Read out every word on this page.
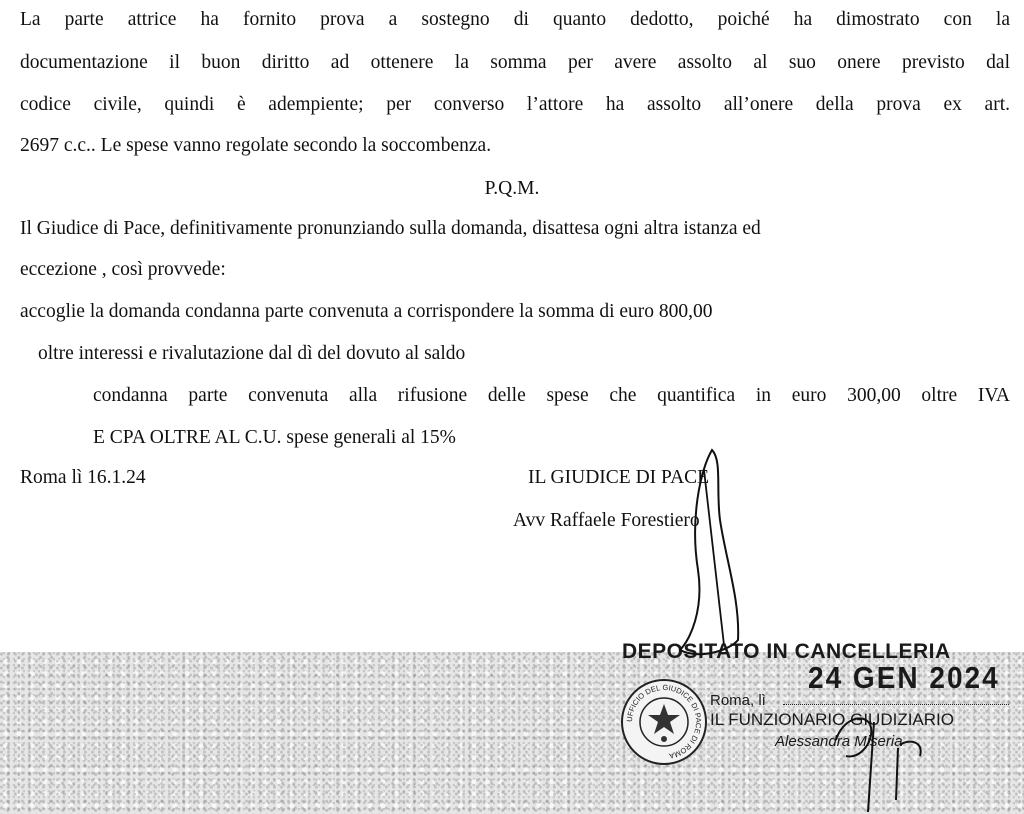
La parte attrice ha fornito prova a sostegno di quanto dedotto, poiché ha dimostrato con la

documentazione il buon diritto ad ottenere la somma per avere assolto al suo onere previsto dal

codice civile, quindi è adempiente; per converso l’attore ha assolto all’onere della prova ex art.

2697 c.c.. Le spese vanno regolate secondo la soccombenza.

P.Q.M.

Il Giudice di Pace, definitivamente pronunziando sulla domanda, disattesa ogni altra istanza ed

eccezione , così provvede:

accoglie la domanda condanna parte convenuta a corrispondere la somma di euro 800,00

oltre interessi e rivalutazione dal dì del dovuto al saldo

condanna parte convenuta alla rifusione delle spese che quantifica in euro 300,00 oltre IVA

E CPA OLTRE AL C.U. spese generali al 15%

Roma lì 16.1.24	IL GIUDICE DI PACE

Avv Raffaele Forestiero

DEPOSITATO IN CANCELLERIA
24 GEN 2024
Roma, lì
IL FUNZIONARIO GIUDIZIARIO
Alessandra Miseria
UFFICIO DEL GIUDICE DI PACE DI ROMA
